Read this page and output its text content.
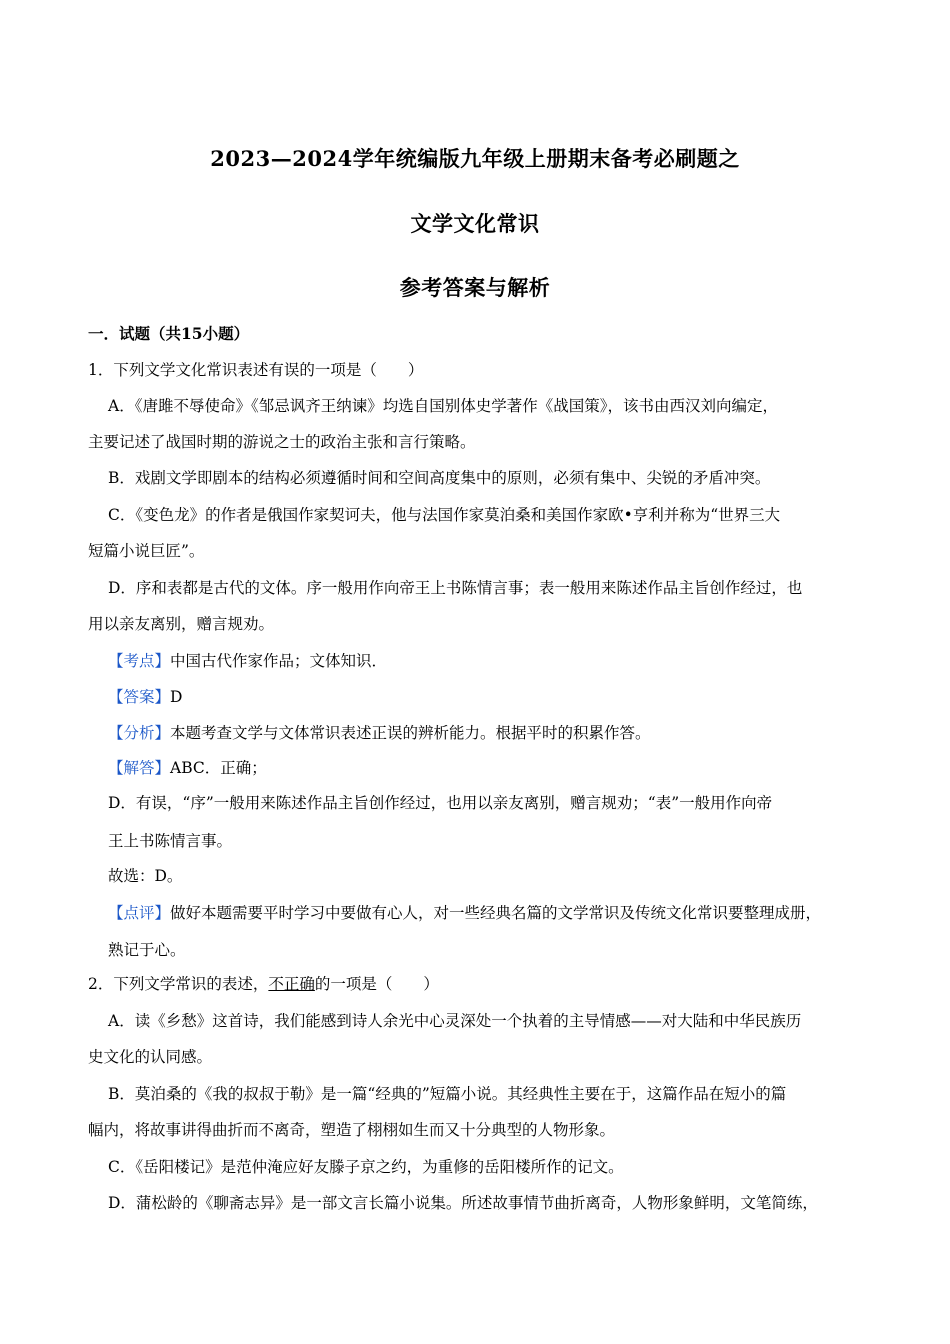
2023—2024学年统编版九年级上册期末备考必刷题之
文学文化常识
参考答案与解析
一．试题（共15小题）
1．下列文学文化常识表述有误的一项是（　　）
A．《唐雎不辱使命》《邹忌讽齐王纳谏》均选自国别体史学著作《战国策》，该书由西汉刘向编定，
主要记述了战国时期的游说之士的政治主张和言行策略。
B．戏剧文学即剧本的结构必须遵循时间和空间高度集中的原则，必须有集中、尖锐的矛盾冲突。
C．《变色龙》的作者是俄国作家契诃夫，他与法国作家莫泊桑和美国作家欧•亨利并称为“世界三大
短篇小说巨匠”。
D．序和表都是古代的文体。序一般用作向帝王上书陈情言事；表一般用来陈述作品主旨创作经过，也
用以亲友离别，赠言规劝。
【考点】中国古代作家作品；文体知识．
【答案】D
【分析】本题考查文学与文体常识表述正误的辨析能力。根据平时的积累作答。
【解答】ABC．正确；
D．有误，“序”一般用来陈述作品主旨创作经过，也用以亲友离别，赠言规劝；“表”一般用作向帝
王上书陈情言事。
故选：D。
【点评】做好本题需要平时学习中要做有心人，对一些经典名篇的文学常识及传统文化常识要整理成册，
熟记于心。
2．下列文学常识的表述，不正确的一项是（　　）
A．读《乡愁》这首诗，我们能感到诗人余光中心灵深处一个执着的主导情感——对大陆和中华民族历
史文化的认同感。
B．莫泊桑的《我的叔叔于勒》是一篇“经典的”短篇小说。其经典性主要在于，这篇作品在短小的篇
幅内，将故事讲得曲折而不离奇，塑造了栩栩如生而又十分典型的人物形象。
C．《岳阳楼记》是范仲淹应好友滕子京之约，为重修的岳阳楼所作的记文。
D．蒲松龄的《聊斋志异》是一部文言长篇小说集。所述故事情节曲折离奇，人物形象鲜明，文笔简练，
